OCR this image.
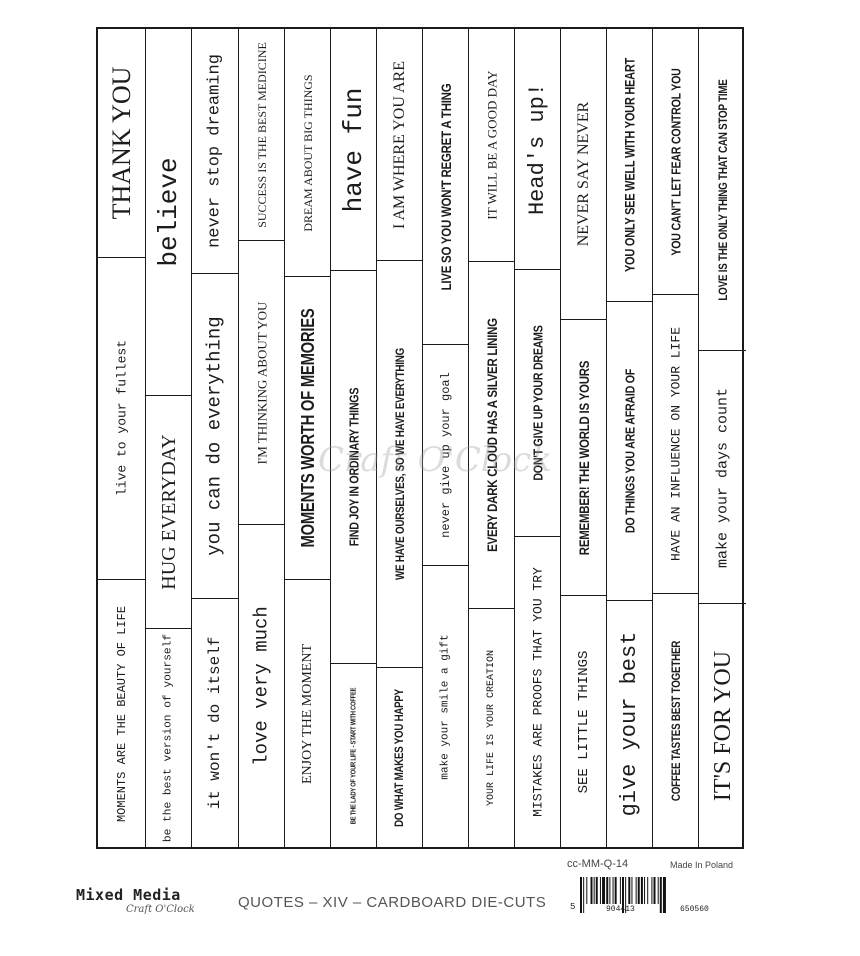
MOMENTS ARE THE BEAUTY OF LIFE
live to your fullest
THANK YOU
be the best version of yourself
HUG EVERYDAY
believe
it won't do itself
you can do everything
never stop dreaming
love very much
I'M THINKING ABOUT YOU
SUCCESS IS THE BEST MEDICINE
ENJOY THE MOMENT
MOMENTS WORTH OF MEMORIES
DREAM ABOUT BIG THINGS
BE THE LADY OF YOUR LIFE - START WITH COFFEE
FIND JOY IN ORDINARY THINGS
have fun
DO WHAT MAKES YOU HAPPY
WE HAVE OURSELVES, SO WE HAVE EVERYTHING
I AM WHERE YOU ARE
make your smile a gift
never give up your goal
LIVE SO YOU WON'T REGRET A THING
YOUR LIFE IS YOUR CREATION
EVERY DARK CLOUD HAS A SILVER LINING
IT WILL BE A GOOD DAY
MISTAKES ARE PROOFS THAT YOU TRY
DON'T GIVE UP YOUR DREAMS
Head's up!
SEE LITTLE THINGS
REMEMBER! THE WORLD IS YOURS
NEVER SAY NEVER
give your best
DO THINGS YOU ARE AFRAID OF
YOU ONLY SEE WELL WITH YOUR HEART
COFFEE TASTES BEST TOGETHER
HAVE AN INFLUENCE ON YOUR LIFE
YOU CAN'T LET FEAR CONTROL YOU
IT'S FOR YOU
make your days count
LOVE IS THE ONLY THING THAT CAN STOP TIME
Craft O'Clock
cc-MM-Q-14	Made In Poland
Mixed Media
Craft O'Clock	QUOTES – XIV – CARDBOARD DIE-CUTS	5	904413	650560
